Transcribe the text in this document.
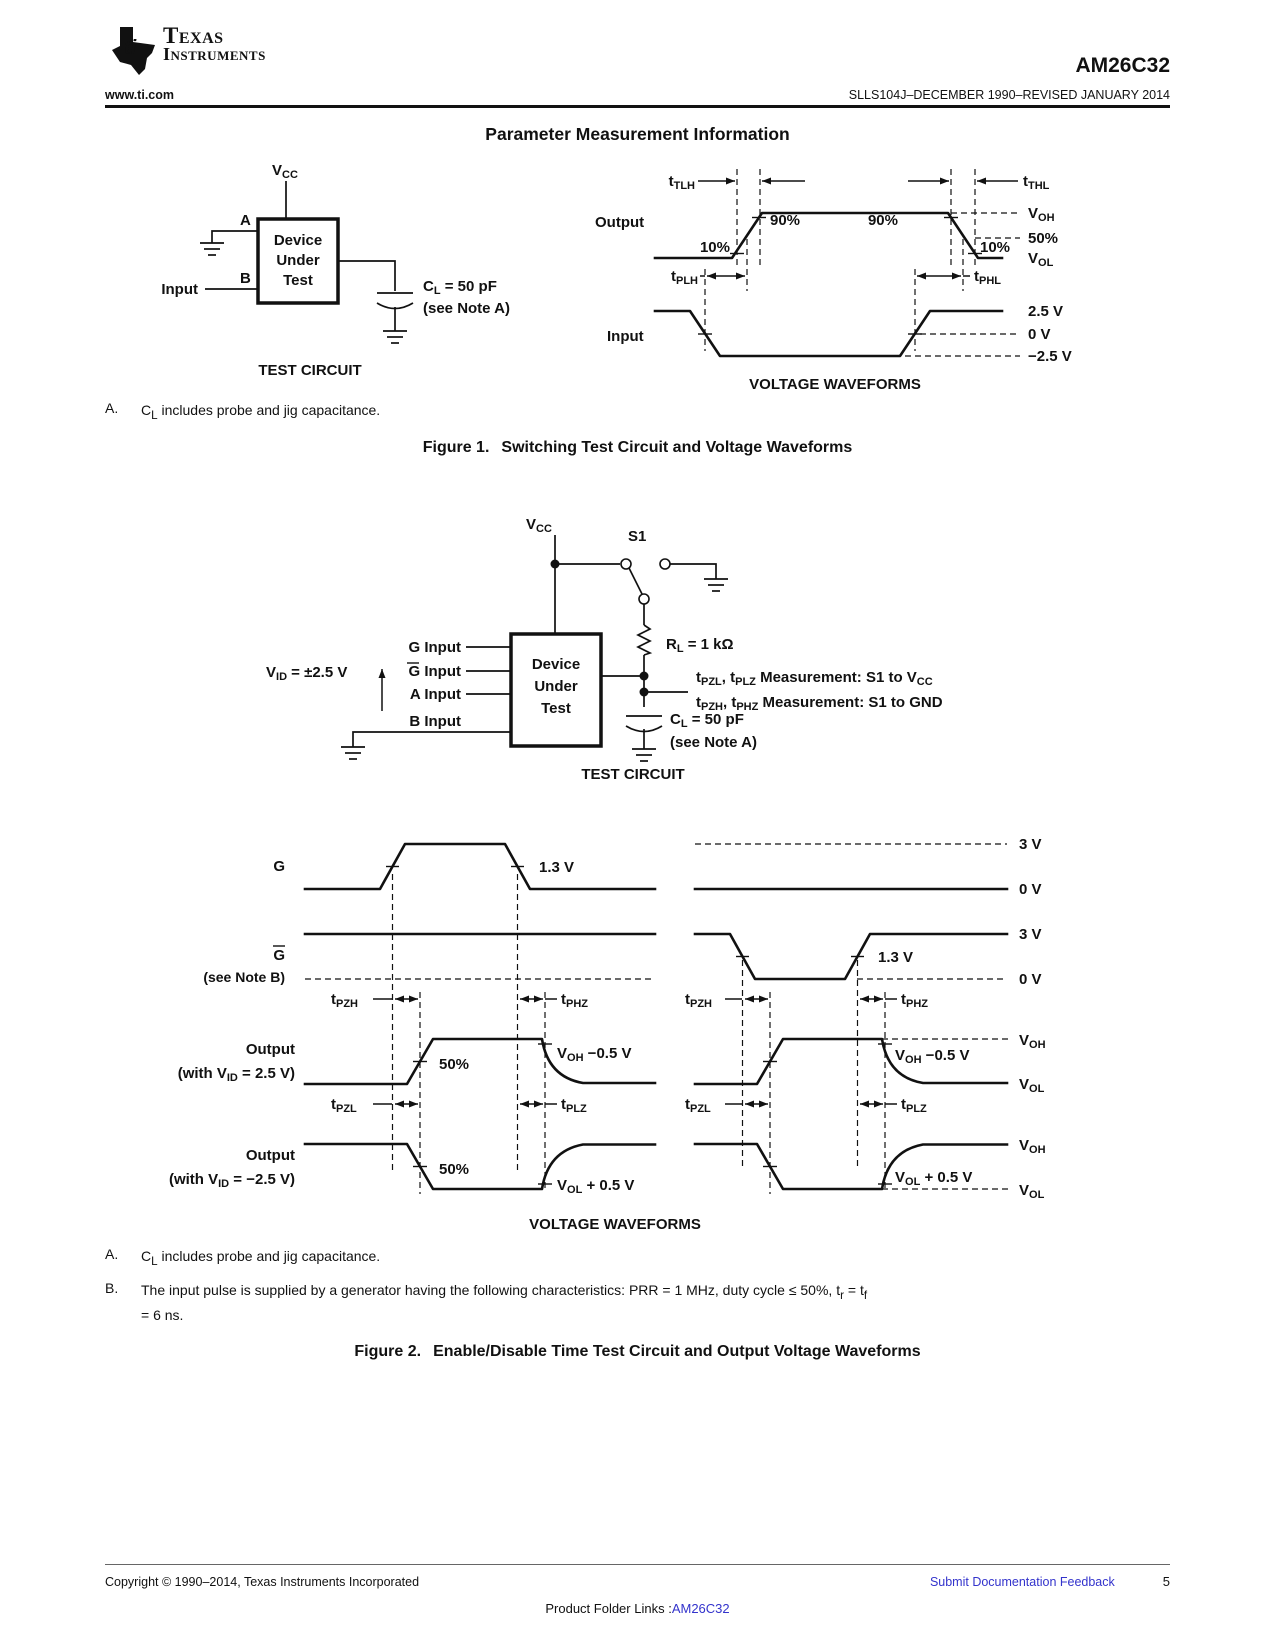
ti Texas
Instruments	AM26C32
www.ti.com	SLLS104J–DECEMBER 1990–REVISED JANUARY 2014
Parameter Measurement Information
$V_{CC}$
Device
Under
Test
A
B
Input	$C_L = 50$ pF
(see Note A)
TEST CIRCUIT
$t_{TLH}$	$t_{THL}$
Output	90%	90%
10%	10%
$V_{OH}$
50%
$V_{OL}$
$t_{PLH}$	$t_{PHL}$
Input
2.5 V
0 V
−2.5 V
VOLTAGE WAVEFORMS
A.	$C_L$ includes probe and jig capacitance.
Figure 1. Switching Test Circuit and Voltage Waveforms
$V_{CC}$	S1
$R_L = 1$ kΩ
Device
Under
Test
G Input
G Input
A Input
B Input
$V_{ID} = \pm 2.5$ V	$t_{PZL}$, $t_{PLZ}$ Measurement: S1 to $V_{CC}$
$t_{PZH}$, $t_{PHZ}$ Measurement: S1 to GND
$C_L = 50$ pF
(see Note A)
TEST CIRCUIT
G	1.3 V
3 V
0 V
G
(see Note B)
1.3 V
3 V
0 V
$t_{PZH}$	$t_{PHZ}$	$t_{PZH}$	$t_{PHZ}$
Output
(with $V_{ID} = 2.5$ V)
50%
$V_{OH} -0.5$ V	$V_{OH} -0.5$ V
$V_{OH}$
$V_{OL}$
$t_{PZL}$	$t_{PLZ}$	$t_{PZL}$	$t_{PLZ}$
Output
(with $V_{ID} = -2.5$ V)
50%
$V_{OL} + 0.5$ V	$V_{OL} + 0.5$ V
$V_{OH}$
$V_{OL}$
VOLTAGE WAVEFORMS
A.	$C_L$ includes probe and jig capacitance.
B.	The input pulse is supplied by a generator having the following characteristics: PRR = 1 MHz, duty cycle ≤ 50%, $t_r = t_f$
= 6 ns.
Figure 2. Enable/Disable Time Test Circuit and Output Voltage Waveforms
Copyright © 1990–2014, Texas Instruments Incorporated	Submit Documentation Feedback	5
Product Folder Links :AM26C32
